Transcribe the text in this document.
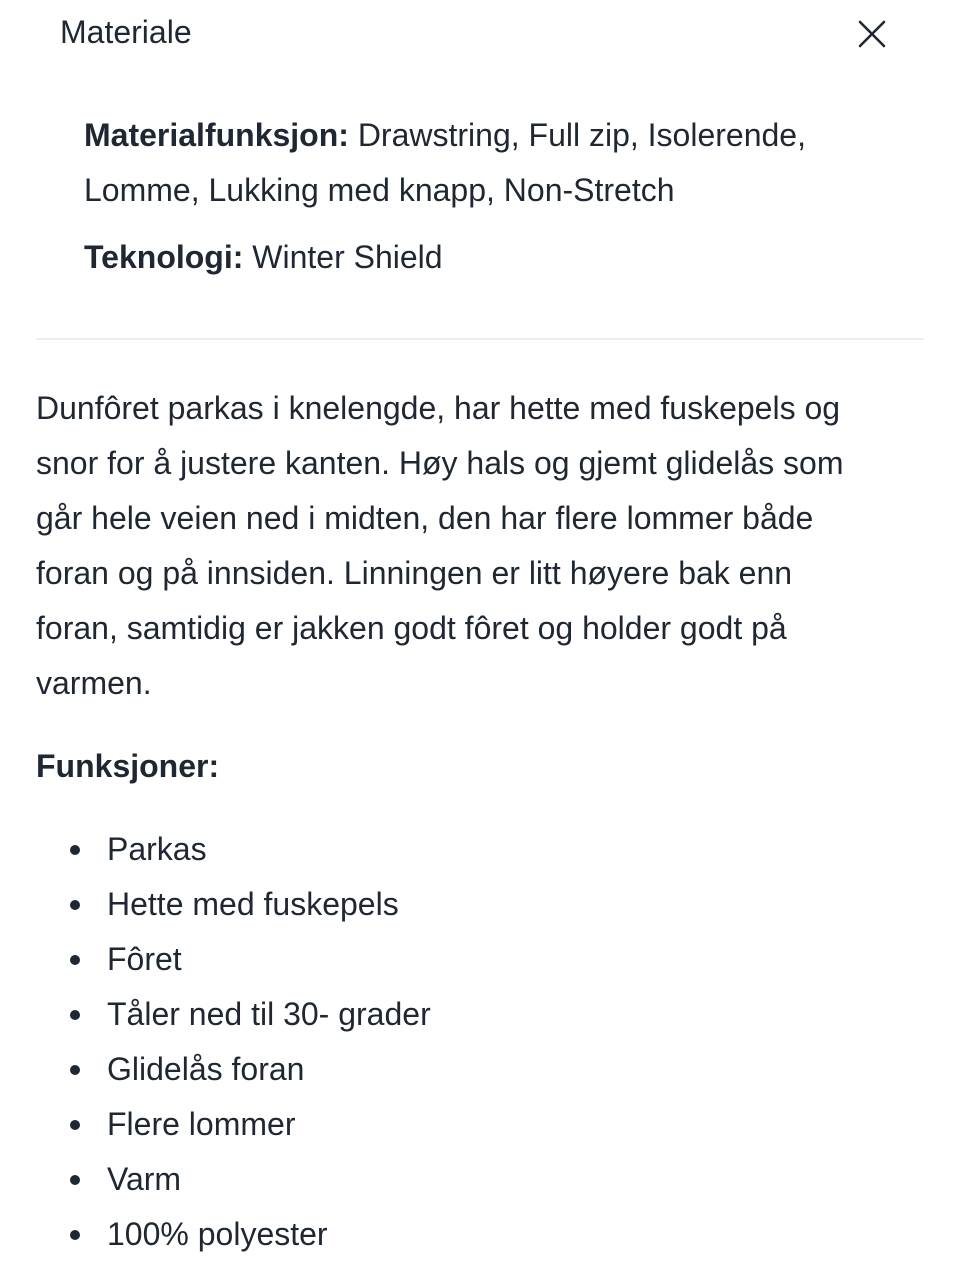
Materiale

Materialfunksjon: Drawstring, Full zip, Isolerende,
Lomme, Lukking med knapp, Non-Stretch

Teknologi: Winter Shield

Dunfôret parkas i knelengde, har hette med fuskepels og
snor for å justere kanten. Høy hals og gjemt glidelås som
går hele veien ned i midten, den har flere lommer både
foran og på innsiden. Linningen er litt høyere bak enn
foran, samtidig er jakken godt fôret og holder godt på
varmen.

Funksjoner:
Parkas
Hette med fuskepels
Fôret
Tåler ned til 30- grader
Glidelås foran
Flere lommer
Varm
100% polyester
